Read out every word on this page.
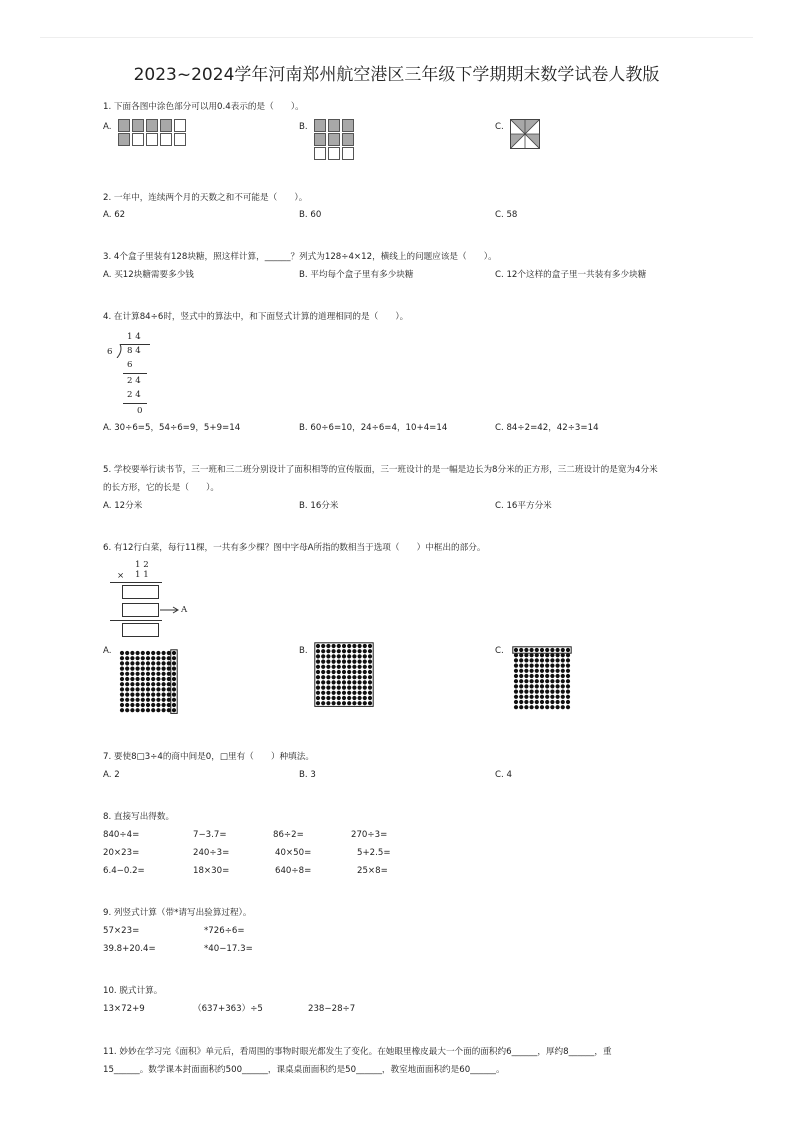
2023~2024学年河南郑州航空港区三年级下学期期末数学试卷人教版
1. 下面各图中涂色部分可以用0.4表示的是（　　）。
A.	B.	C.
2. 一年中，连续两个月的天数之和不可能是（　　）。
A. 62	B. 60	C. 58
3. 4个盒子里装有128块糖，照这样计算，______？列式为128÷4×12，横线上的问题应该是（　　）。
A. 买12块糖需要多少钱	B. 平均每个盒子里有多少块糖	C. 12个这样的盒子里一共装有多少块糖
4. 在计算84÷6时，竖式中的算法中，和下面竖式计算的道理相同的是（　　）。
1 4
6 8 4
6
2 4
2 4
0
A. 30÷6=5，54÷6=9，5+9=14	B. 60÷6=10，24÷6=4，10+4=14	C. 84÷2=42，42÷3=14
5. 学校要举行读书节，三一班和三二班分别设计了面积相等的宣传版面，三一班设计的是一幅是边长为8分米的正方形，三二班设计的是宽为4分米
的长方形，它的长是（　　）。
A. 12分米	B. 16分米	C. 16平方分米
6. 有12行白菜，每行11棵，一共有多少棵？图中字母A所指的数相当于选项（　　）中框出的部分。
1 2
× 1 1
A
A.	B.	C.
7. 要使8□3÷4的商中间是0，□里有（　　）种填法。
A. 2	B. 3	C. 4
8. 直接写出得数。
840÷4=	7−3.7=	86÷2=	270÷3=
20×23=	240÷3=	40×50=	5+2.5=
6.4−0.2=	18×30=	640÷8=	25×8=
9. 列竖式计算（带*请写出验算过程）。
57×23=	*726÷6=
39.8+20.4=	*40−17.3=
10. 脱式计算。
13×72+9	（637+363）÷5	238−28÷7
11. 妙妙在学习完《面积》单元后，看周围的事物时眼光都发生了变化。在她眼里橡皮最大一个面的面积约6______，厚约8______，重
15______。数学课本封面面积约500______，课桌桌面面积约是50______，教室地面面积约是60______。
